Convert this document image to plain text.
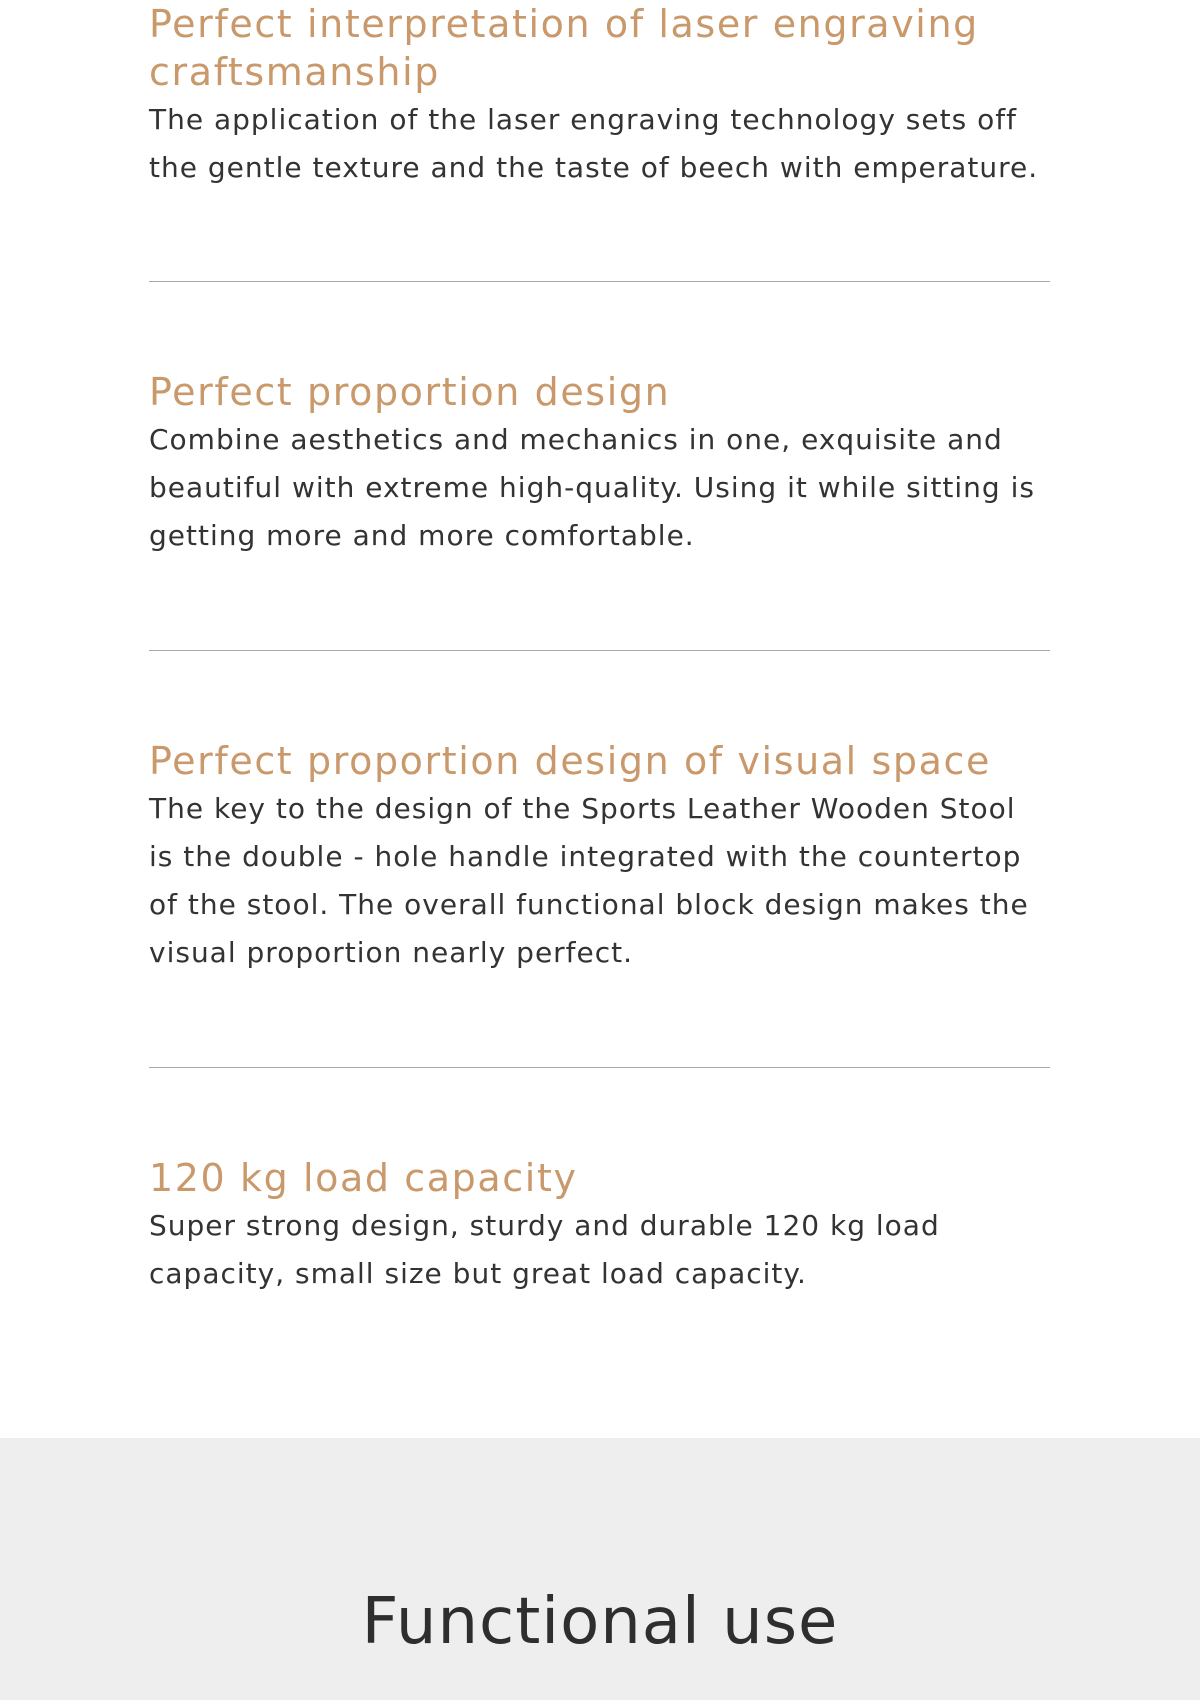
Perfect interpretation of laser engraving craftsmanship

The application of the laser engraving technology sets off the gentle texture and the taste of beech with emperature.

Perfect proportion design

Combine aesthetics and mechanics in one, exquisite and beautiful with extreme high-quality. Using it while sitting is getting more and more comfortable.

Perfect proportion design of visual space

The key to the design of the Sports Leather Wooden Stool is the double - hole handle integrated with the countertop of the stool. The overall functional block design makes the visual proportion nearly perfect.

120 kg load capacity

Super strong design, sturdy and durable 120 kg load capacity, small size but great load capacity.

Functional use
